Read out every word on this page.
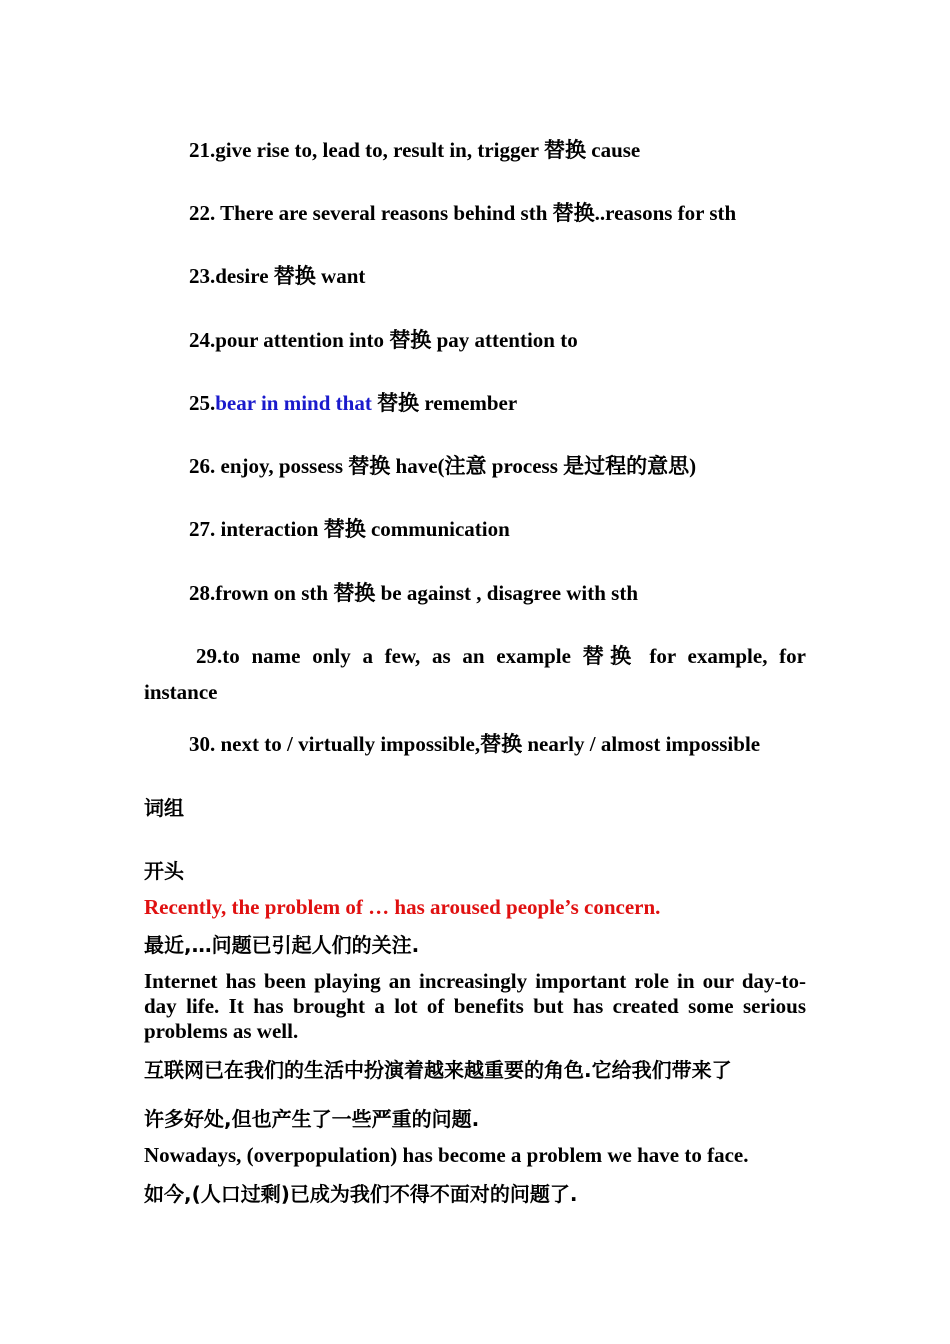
21.give rise to, lead to, result in, trigger 替换 cause
22. There are several reasons behind sth 替换..reasons for sth
23.desire 替换 want
24.pour attention into 替换 pay attention to
25.bear in mind that 替换 remember
26. enjoy, possess 替换 have(注意 process 是过程的意思)
27. interaction 替换 communication
28.frown on sth 替换 be against , disagree with sth
29.to name only a few, as an example 替换 for example, for
instance
30. next to / virtually impossible,替换 nearly / almost impossible
词组
开头
Recently, the problem of … has aroused people’s concern.
最近,…问题已引起人们的关注.
Internet has been playing an increasingly important role in our day-to-day life. It has brought a lot of benefits but has created some serious problems as well.
互联网已在我们的生活中扮演着越来越重要的角色.它给我们带来了
许多好处,但也产生了一些严重的问题.
Nowadays, (overpopulation) has become a problem we have to face.
如今,(人口过剩)已成为我们不得不面对的问题了.
